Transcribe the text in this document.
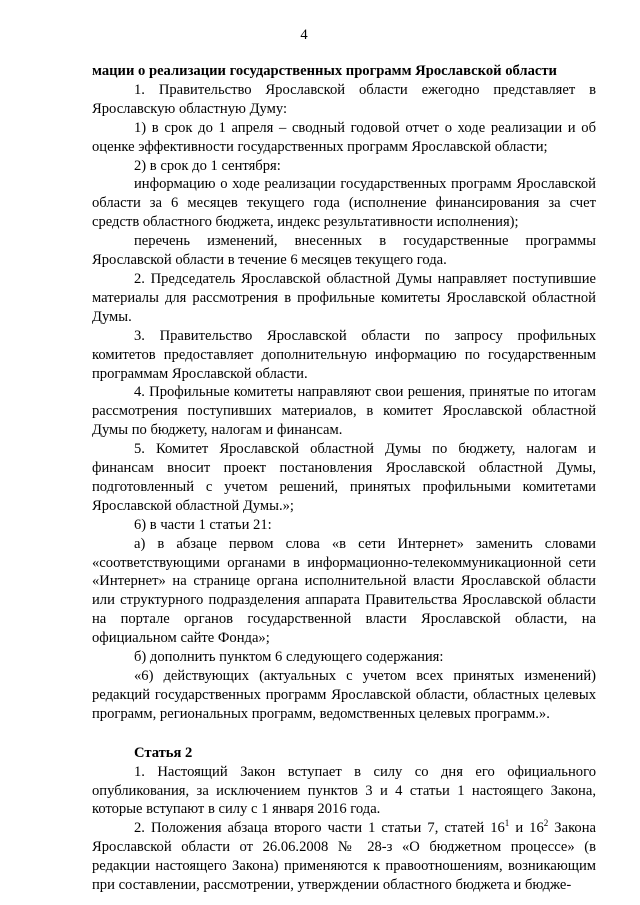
4

мации о реализации государственных программ Ярославской области

1. Правительство Ярославской области ежегодно представляет в Ярославскую областную Думу:

1) в срок до 1 апреля – сводный годовой отчет о ходе реализации и об оценке эффективности государственных программ Ярославской области;

2) в срок до 1 сентября:

информацию о ходе реализации государственных программ Ярославской области за 6 месяцев текущего года (исполнение финансирования за счет средств областного бюджета, индекс результативности исполнения);

перечень изменений, внесенных в государственные программы Ярославской области в течение 6 месяцев текущего года.

2. Председатель Ярославской областной Думы направляет поступившие материалы для рассмотрения в профильные комитеты Ярославской областной Думы.

3. Правительство Ярославской области по запросу профильных комитетов предоставляет дополнительную информацию по государственным программам Ярославской области.

4. Профильные комитеты направляют свои решения, принятые по итогам рассмотрения поступивших материалов, в комитет Ярославской областной Думы по бюджету, налогам и финансам.

5. Комитет Ярославской областной Думы по бюджету, налогам и финансам вносит проект постановления Ярославской областной Думы, подготовленный с учетом решений, принятых профильными комитетами Ярославской областной Думы.»;

6) в части 1 статьи 21:

а) в абзаце первом слова «в сети Интернет» заменить словами «соответствующими органами в информационно-телекоммуникационной сети «Интернет» на странице органа исполнительной власти Ярославской области или структурного подразделения аппарата Правительства Ярославской области на портале органов государственной власти Ярославской области, на официальном сайте Фонда»;

б) дополнить пунктом 6 следующего содержания:

«6) действующих (актуальных с учетом всех принятых изменений) редакций государственных программ Ярославской области, областных целевых программ, региональных программ, ведомственных целевых программ.».

Статья 2

1. Настоящий Закон вступает в силу со дня его официального опубликования, за исключением пунктов 3 и 4 статьи 1 настоящего Закона, которые вступают в силу с 1 января 2016 года.

2. Положения абзаца второго части 1 статьи 7, статей $16^1$ и $16^2$ Закона Ярославской области от 26.06.2008 № 28-з «О бюджетном процессе» (в редакции настоящего Закона) применяются к правоотношениям, возникающим при составлении, рассмотрении, утверждении областного бюджета и бюдже-
